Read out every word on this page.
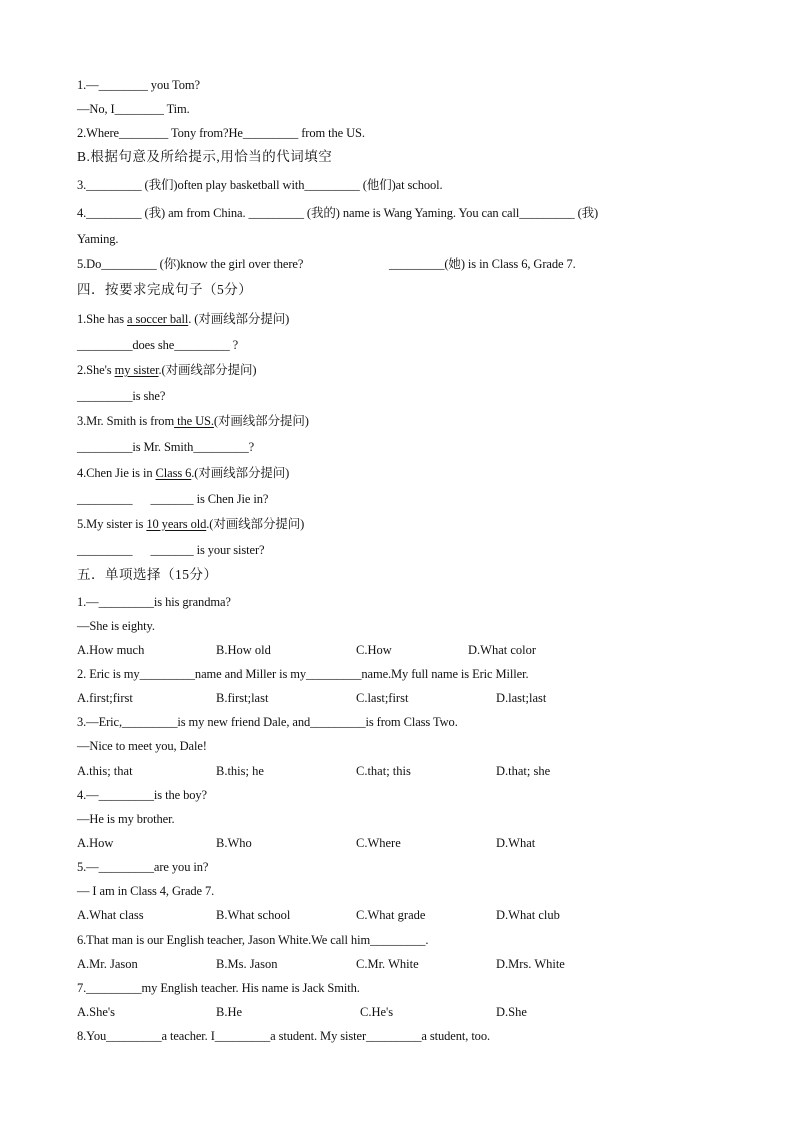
1.—________ you Tom?
—No, I________ Tim.
2.Where________ Tony from?He_________ from the US.
B.根据句意及所给提示,用恰当的代词填空
3._________ (我们)often play basketball with_________ (他们)at school.
4._________ (我) am from China. _________ (我的) name is Wang Yaming. You can call_________ (我)
Yaming.
5.Do_________ (你)know the girl over there?	_________(她) is in Class 6, Grade 7.
四．按要求完成句子（5分）
1.She has a soccer ball. (对画线部分提问)
_________does she_________ ?
2.She's my sister.(对画线部分提问)
_________is she?
3.Mr. Smith is from the US.(对画线部分提问)
_________is Mr. Smith_________?
4.Chen Jie is in Class 6.(对画线部分提问)
_________      _______ is Chen Jie in?
5.My sister is 10 years old.(对画线部分提问)
_________      _______ is your sister?
五．单项选择（15分）
1.—_________is his grandma?
—She is eighty.
A.How much	B.How old	C.How	D.What color
2. Eric is my_________name and Miller is my_________name.My full name is Eric Miller.
A.first;first	B.first;last	C.last;first	D.last;last
3.—Eric,_________is my new friend Dale, and_________is from Class Two.
—Nice to meet you, Dale!
A.this; that	B.this; he	C.that; this	D.that; she
4.—_________is the boy?
—He is my brother.
A.How	B.Who	C.Where	D.What
5.—_________are you in?
— I am in Class 4, Grade 7.
A.What class	B.What school	C.What grade	D.What club
6.That man is our English teacher, Jason White.We call him_________.
A.Mr. Jason	B.Ms. Jason	C.Mr. White	D.Mrs. White
7._________my English teacher. His name is Jack Smith.
A.She's	B.He	C.He's	D.She
8.You_________a teacher. I_________a student. My sister_________a student, too.
